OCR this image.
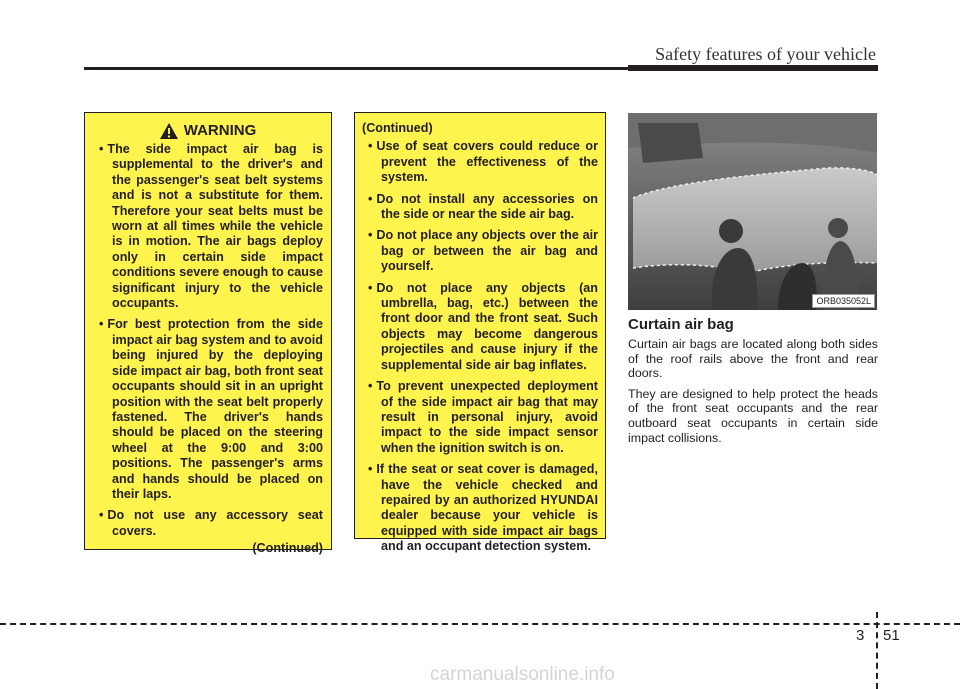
Safety features of your vehicle
WARNING
• The side impact air bag is supplemental to the driver's and the passenger's seat belt systems and is not a substitute for them. Therefore your seat belts must be worn at all times while the vehicle is in motion. The air bags deploy only in certain side impact conditions severe enough to cause significant injury to the vehicle occupants.
• For best protection from the side impact air bag system and to avoid being injured by the deploying side impact air bag, both front seat occupants should sit in an upright position with the seat belt properly fastened. The driver's hands should be placed on the steering wheel at the 9:00 and 3:00 positions. The passenger's arms and hands should be placed on their laps.
• Do not use any accessory seat covers.
(Continued)
(Continued)
• Use of seat covers could reduce or prevent the effectiveness of the system.
• Do not install any accessories on the side or near the side air bag.
• Do not place any objects over the air bag or between the air bag and yourself.
• Do not place any objects (an umbrella, bag, etc.) between the front door and the front seat. Such objects may become dangerous projectiles and cause injury if the supplemental side air bag inflates.
• To prevent unexpected deployment of the side impact air bag that may result in personal injury, avoid impact to the side impact sensor when the ignition switch is on.
• If the seat or seat cover is damaged, have the vehicle checked and repaired by an authorized HYUNDAI dealer because your vehicle is equipped with side impact air bags and an occupant detection system.
ORB035052L
Curtain air bag

Curtain air bags are located along both sides of the roof rails above the front and rear doors.

They are designed to help protect the heads of the front seat occupants and the rear outboard seat occupants in certain side impact collisions.

3 51
carmanualsonline.info
